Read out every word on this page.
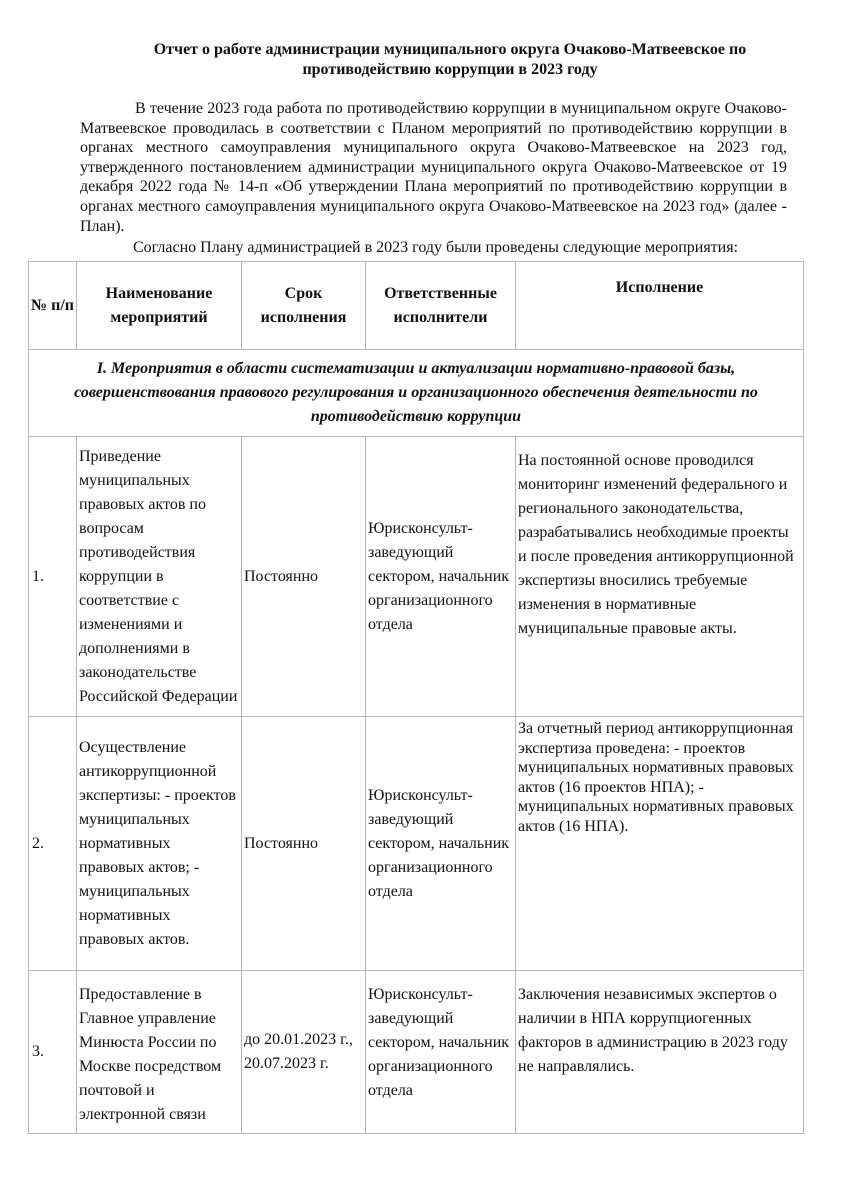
Отчет о работе администрации муниципального округа Очаково-Матвеевское по
противодействию коррупции в 2023 году

В течение 2023 года работа по противодействию коррупции в муниципальном округе Очаково-Матвеевское проводилась в соответствии с Планом мероприятий по противодействию коррупции в органах местного самоуправления муниципального округа Очаково-Матвеевское на 2023 год, утвержденного постановлением администрации муниципального округа Очаково-Матвеевское от 19 декабря 2022 года № 14-п «Об утверждении Плана мероприятий по противодействию коррупции в органах местного самоуправления муниципального округа Очаково-Матвеевское на 2023 год» (далее - План).

Согласно Плану администрацией в 2023 году были проведены следующие мероприятия:

№ п/п	Наименование мероприятий	Срок исполнения	Ответственные исполнители	Исполнение
I. Мероприятия в области систематизации и актуализации нормативно-правовой базы, совершенствования правового регулирования и организационного обеспечения деятельности по противодействию коррупции				
1.	Приведение муниципальных правовых актов по вопросам противодействия коррупции в соответствие с изменениями и дополнениями в законодательстве Российской Федерации	Постоянно	Юрисконсульт-заведующий сектором, начальник организационного отдела	На постоянной основе проводился мониторинг изменений федерального и регионального законодательства, разрабатывались необходимые проекты и после проведения антикоррупционной экспертизы вносились требуемые изменения в нормативные муниципальные правовые акты.
2.	Осуществление антикоррупционной экспертизы: - проектов муниципальных нормативных правовых актов; - муниципальных нормативных правовых актов.	Постоянно	Юрисконсульт-заведующий сектором, начальник организационного отдела	За отчетный период антикоррупционная экспертиза проведена: - проектов муниципальных нормативных правовых актов (16 проектов НПА); - муниципальных нормативных правовых актов (16 НПА).
3.	Предоставление в Главное управление Минюста России по Москве посредством почтовой и электронной связи	до 20.01.2023 г., 20.07.2023 г.	Юрисконсульт-заведующий сектором, начальник организационного отдела	Заключения независимых экспертов о наличии в НПА коррупциогенных факторов в администрацию в 2023 году не направлялись.
